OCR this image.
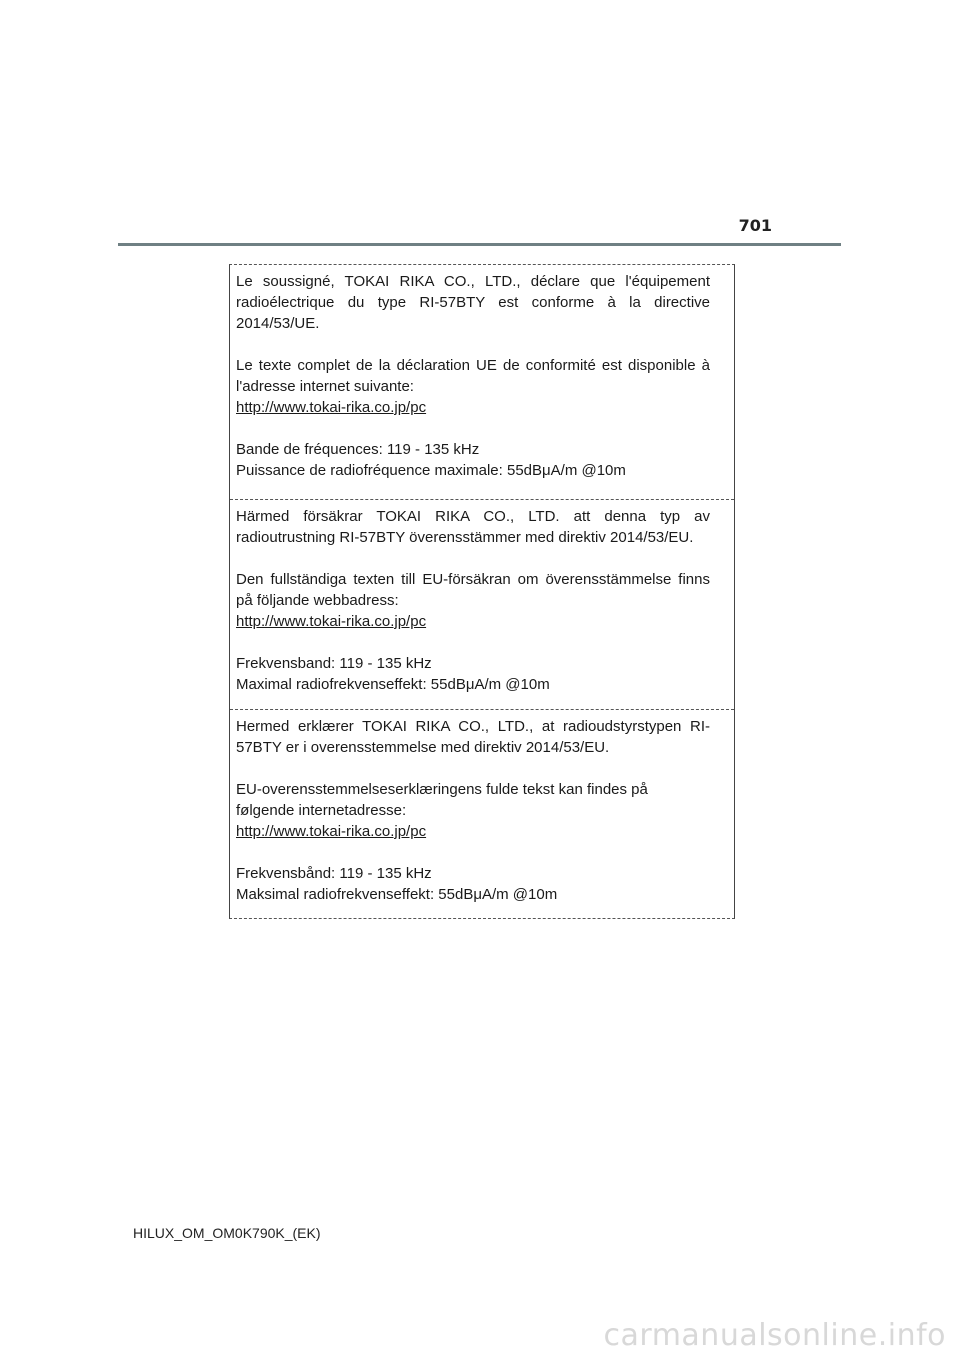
701

Le soussigné, TOKAI RIKA CO., LTD., déclare que l'équipement radioélectrique du type RI-57BTY est conforme à la directive 2014/53/UE.

Le texte complet de la déclaration UE de conformité est disponible à l'adresse internet suivante:

http://www.tokai-rika.co.jp/pc
Bande de fréquences: 119 - 135 kHz
Puissance de radiofréquence maximale: 55dBμA/m @10m

Härmed försäkrar TOKAI RIKA CO., LTD. att denna typ av radioutrustning RI-57BTY överensstämmer med direktiv 2014/53/EU.

Den fullständiga texten till EU-försäkran om överensstämmelse finns på följande webbadress:

http://www.tokai-rika.co.jp/pc
Frekvensband: 119 - 135 kHz
Maximal radiofrekvenseffekt: 55dBμA/m @10m

Hermed erklærer TOKAI RIKA CO., LTD., at radioudstyrstypen RI-57BTY er i overensstemmelse med direktiv 2014/53/EU.

EU-overensstemmelseserklæringens fulde tekst kan findes på følgende internetadresse:

http://www.tokai-rika.co.jp/pc
Frekvensbånd: 119 - 135 kHz
Maksimal radiofrekvenseffekt: 55dBμA/m @10m
HILUX_OM_OM0K790K_(EK)
carmanualsonline.info
